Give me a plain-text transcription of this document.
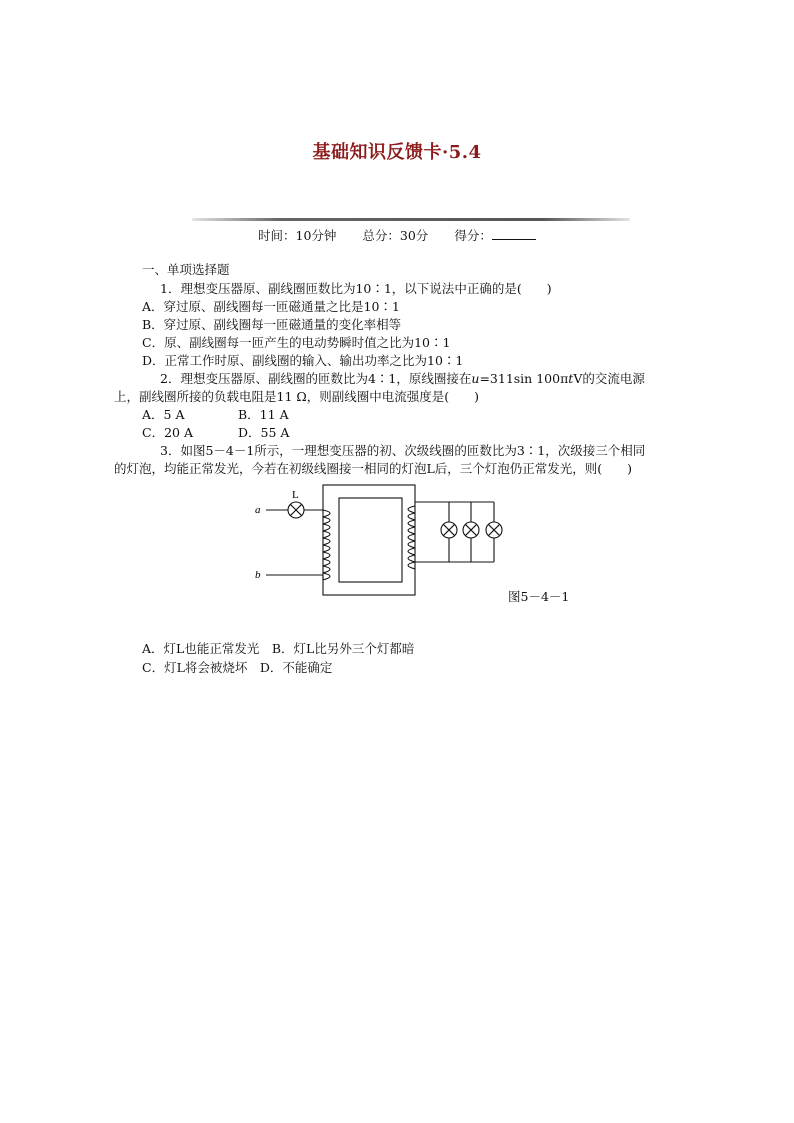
基础知识反馈卡·5.4
时间：10分钟 总分：30分 得分：
一、单项选择题
1．理想变压器原、副线圈匝数比为10∶1，以下说法中正确的是(　　)
A．穿过原、副线圈每一匝磁通量之比是10∶1
B．穿过原、副线圈每一匝磁通量的变化率相等
C．原、副线圈每一匝产生的电动势瞬时值之比为10∶1
D．正常工作时原、副线圈的输入、输出功率之比为10∶1
2．理想变压器原、副线圈的匝数比为4∶1，原线圈接在u=311sin 100πtV的交流电源
上，副线圈所接的负载电阻是11 Ω，则副线圈中电流强度是(　　)
A．5 A	B．11 A
C．20 A	D．55 A
3．如图5－4－1所示，一理想变压器的初、次级线圈的匝数比为3∶1，次级接三个相同
的灯泡，均能正常发光，今若在初级线圈接一相同的灯泡L后，三个灯泡仍正常发光，则(　　)
a
b
L
图5－4－1
A．灯L也能正常发光　B．灯L比另外三个灯都暗
C．灯L将会被烧坏　D．不能确定
